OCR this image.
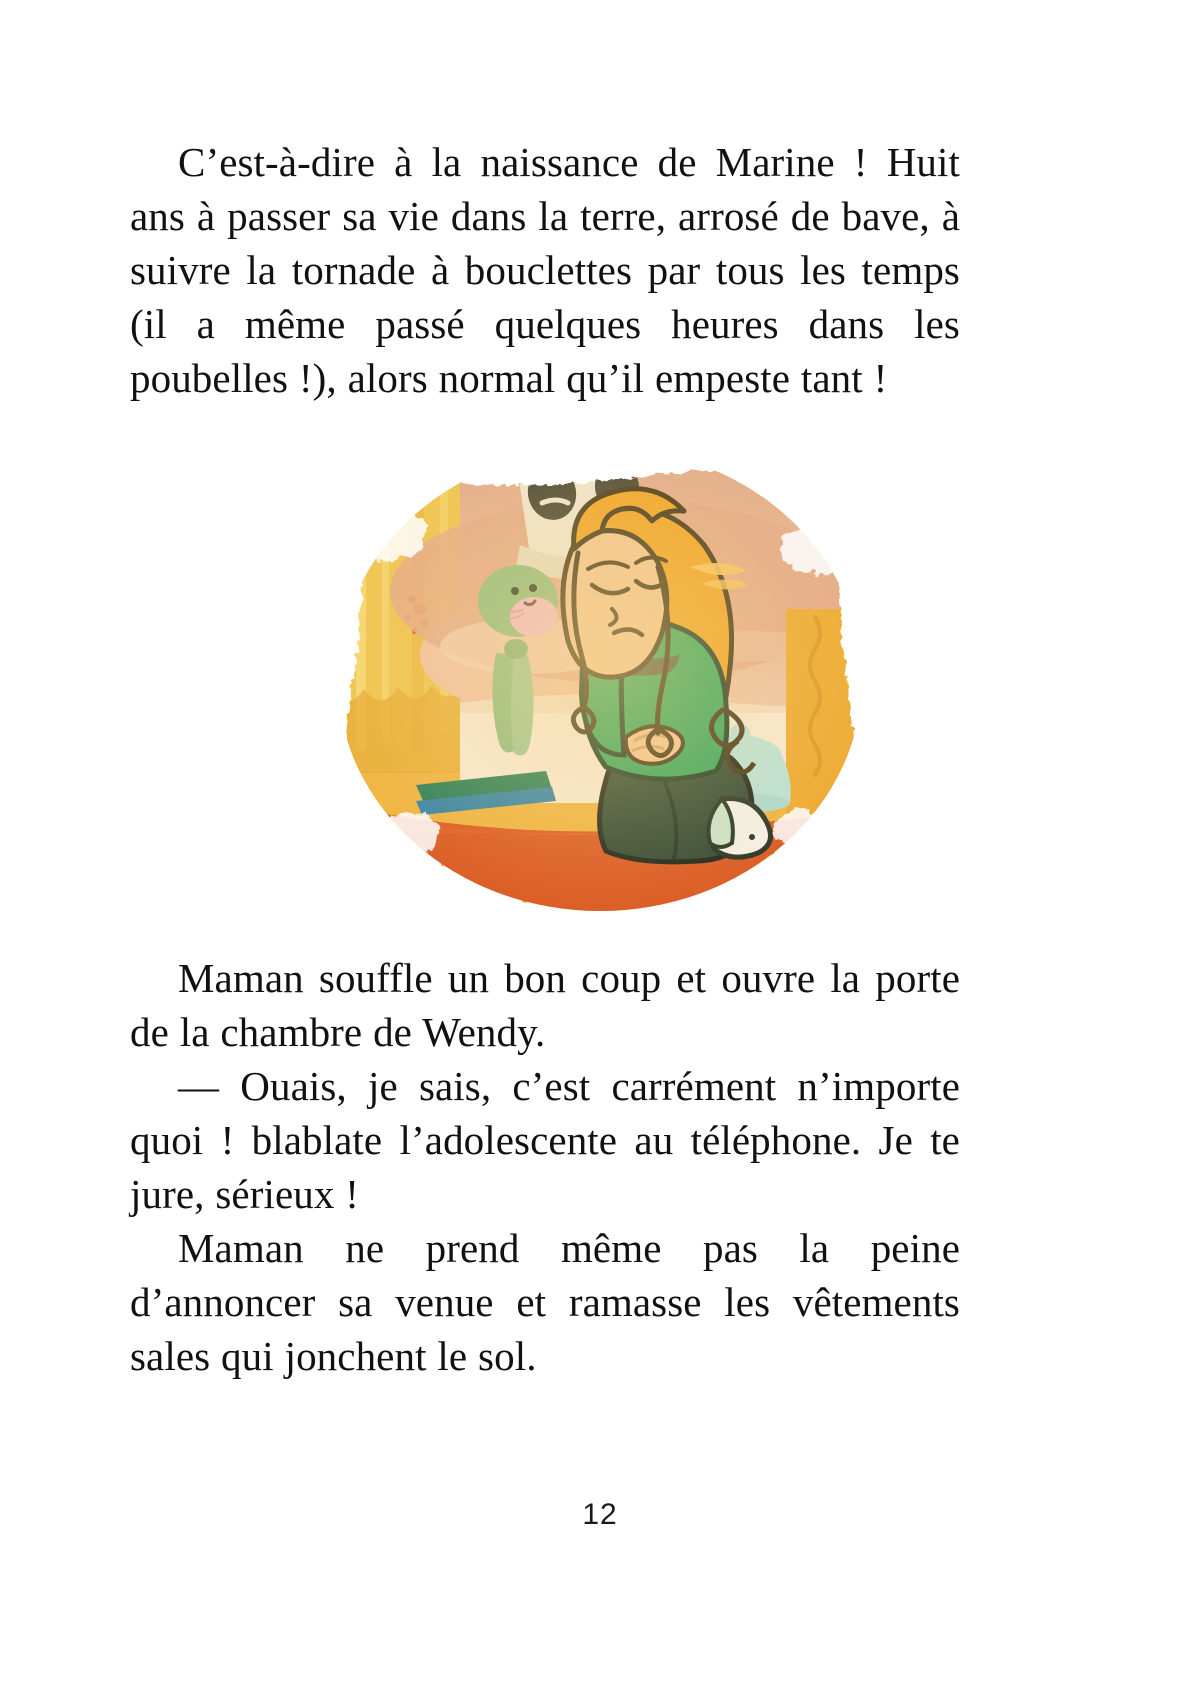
C’est-à-dire à la naissance de Marine ! Huit ans à passer sa vie dans la terre, arrosé de bave, à suivre la tornade à bouclettes par tous les temps (il a même passé quelques heures dans les poubelles !), alors normal qu’il empeste tant !

Maman souffle un bon coup et ouvre la porte de la chambre de Wendy.

— Ouais, je sais, c’est carrément n’importe quoi ! blablate l’adolescente au téléphone. Je te jure, sérieux !

Maman ne prend même pas la peine d’annoncer sa venue et ramasse les vêtements sales qui jonchent le sol.

12
